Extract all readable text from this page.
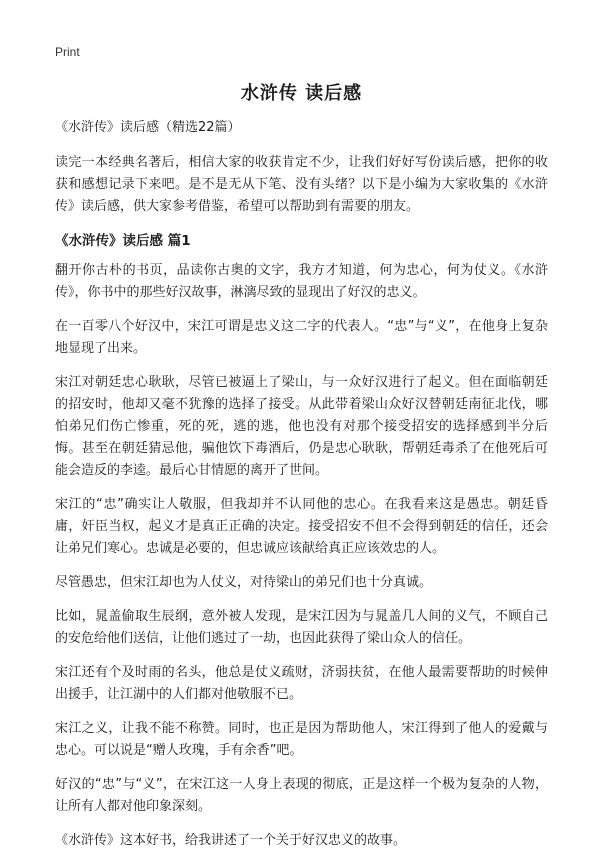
Print
水浒传 读后感
《水浒传》读后感（精选22篇）

读完一本经典名著后，相信大家的收获肯定不少，让我们好好写份读后感，把你的收获和感想记录下来吧。是不是无从下笔、没有头绪？以下是小编为大家收集的《水浒传》读后感，供大家参考借鉴，希望可以帮助到有需要的朋友。

《水浒传》读后感 篇1

翻开你古朴的书页，品读你古奥的文字，我方才知道，何为忠心，何为仗义。《水浒传》，你书中的那些好汉故事，淋漓尽致的显现出了好汉的忠义。

在一百零八个好汉中，宋江可谓是忠义这二字的代表人。“忠”与“义”，在他身上复杂地显现了出来。

宋江对朝廷忠心耿耿，尽管已被逼上了梁山，与一众好汉进行了起义。但在面临朝廷的招安时，他却又毫不犹豫的选择了接受。从此带着梁山众好汉替朝廷南征北伐，哪怕弟兄们伤亡惨重，死的死，逃的逃，他也没有对那个接受招安的选择感到半分后悔。甚至在朝廷猜忌他，骗他饮下毒酒后，仍是忠心耿耿，帮朝廷毒杀了在他死后可能会造反的李逵。最后心甘情愿的离开了世间。

宋江的“忠”确实让人敬服，但我却并不认同他的忠心。在我看来这是愚忠。朝廷昏庸，奸臣当权，起义才是真正正确的决定。接受招安不但不会得到朝廷的信任，还会让弟兄们寒心。忠诚是必要的，但忠诚应该献给真正应该效忠的人。

尽管愚忠，但宋江却也为人仗义，对待梁山的弟兄们也十分真诚。

比如，晁盖偷取生辰纲，意外被人发现，是宋江因为与晁盖几人间的义气，不顾自己的安危给他们送信，让他们逃过了一劫，也因此获得了梁山众人的信任。

宋江还有个及时雨的名头，他总是仗义疏财，济弱扶贫，在他人最需要帮助的时候伸出援手，让江湖中的人们都对他敬服不已。

宋江之义，让我不能不称赞。同时，也正是因为帮助他人，宋江得到了他人的爱戴与忠心。可以说是“赠人玫瑰，手有余香”吧。

好汉的“忠”与“义”，在宋江这一人身上表现的彻底，正是这样一个极为复杂的人物，让所有人都对他印象深刻。

《水浒传》这本好书，给我讲述了一个关于好汉忠义的故事。
